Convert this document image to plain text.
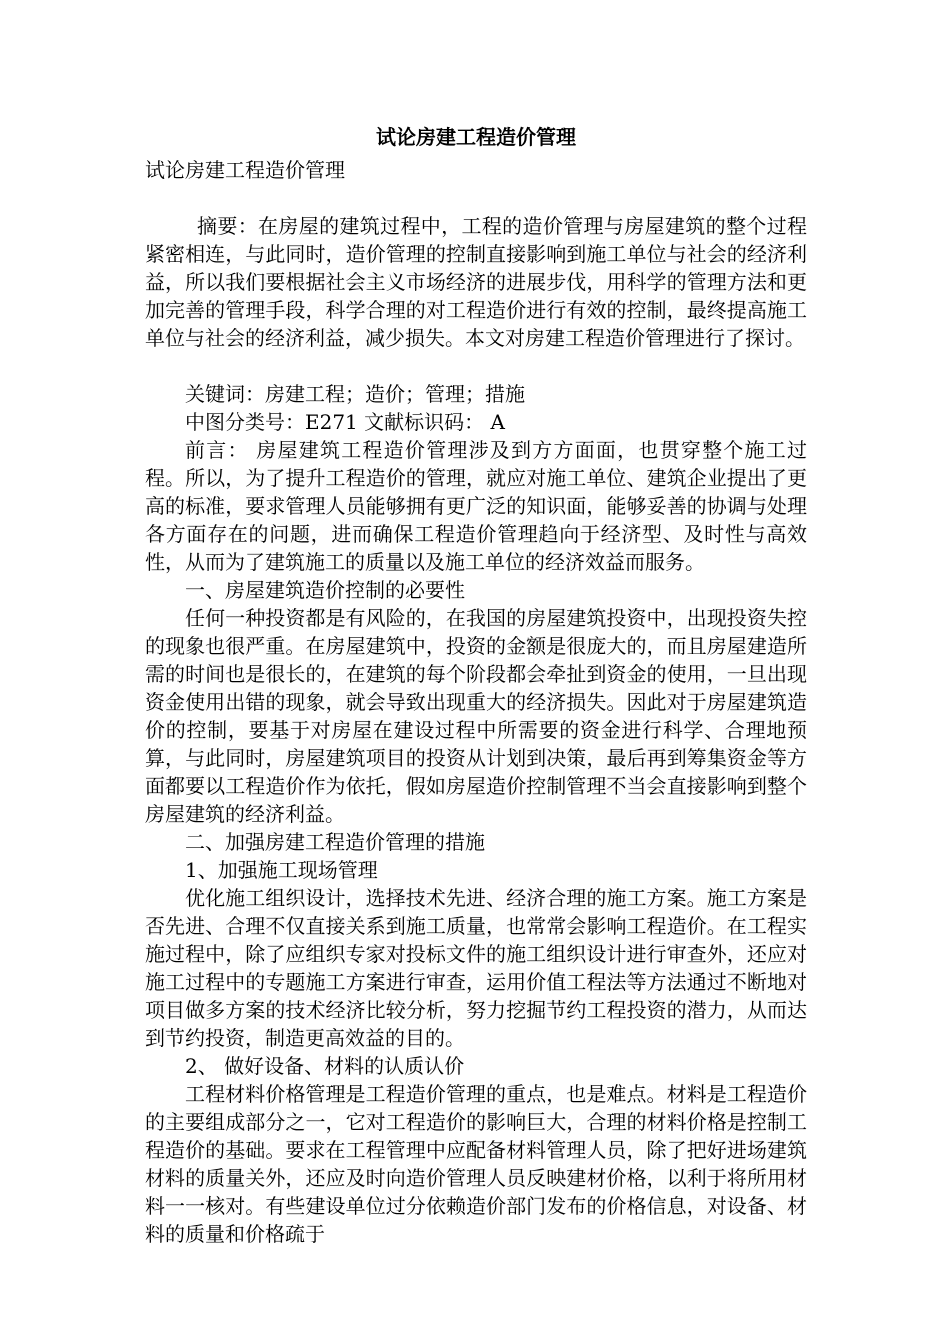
试论房建工程造价管理

试论房建工程造价管理

摘要：在房屋的建筑过程中，工程的造价管理与房屋建筑的整个过程紧密相连，与此同时，造价管理的控制直接影响到施工单位与社会的经济利益，所以我们要根据社会主义市场经济的进展步伐，用科学的管理方法和更加完善的管理手段，科学合理的对工程造价进行有效的控制，最终提高施工单位与社会的经济利益，减少损失。本文对房建工程造价管理进行了探讨。

关键词：房建工程；造价；管理；措施

中图分类号：E271 文献标识码： A

前言： 房屋建筑工程造价管理涉及到方方面面，也贯穿整个施工过程。所以，为了提升工程造价的管理，就应对施工单位、建筑企业提出了更高的标准，要求管理人员能够拥有更广泛的知识面，能够妥善的协调与处理各方面存在的问题，进而确保工程造价管理趋向于经济型、及时性与高效性，从而为了建筑施工的质量以及施工单位的经济效益而服务。

一、房屋建筑造价控制的必要性

任何一种投资都是有风险的，在我国的房屋建筑投资中，出现投资失控的现象也很严重。在房屋建筑中，投资的金额是很庞大的，而且房屋建造所需的时间也是很长的，在建筑的每个阶段都会牵扯到资金的使用，一旦出现资金使用出错的现象，就会导致出现重大的经济损失。因此对于房屋建筑造价的控制，要基于对房屋在建设过程中所需要的资金进行科学、合理地预算，与此同时，房屋建筑项目的投资从计划到决策，最后再到筹集资金等方面都要以工程造价作为依托，假如房屋造价控制管理不当会直接影响到整个房屋建筑的经济利益。

二、加强房建工程造价管理的措施

1、加强施工现场管理

优化施工组织设计，选择技术先进、经济合理的施工方案。施工方案是否先进、合理不仅直接关系到施工质量，也常常会影响工程造价。在工程实施过程中，除了应组织专家对投标文件的施工组织设计进行审查外，还应对施工过程中的专题施工方案进行审查，运用价值工程法等方法通过不断地对项目做多方案的技术经济比较分析，努力挖掘节约工程投资的潜力，从而达到节约投资，制造更高效益的目的。

2、 做好设备、材料的认质认价

工程材料价格管理是工程造价管理的重点，也是难点。材料是工程造价的主要组成部分之一，它对工程造价的影响巨大，合理的材料价格是控制工程造价的基础。要求在工程管理中应配备材料管理人员，除了把好进场建筑材料的质量关外，还应及时向造价管理人员反映建材价格，以利于将所用材料一一核对。有些建设单位过分依赖造价部门发布的价格信息，对设备、材料的质量和价格疏于
